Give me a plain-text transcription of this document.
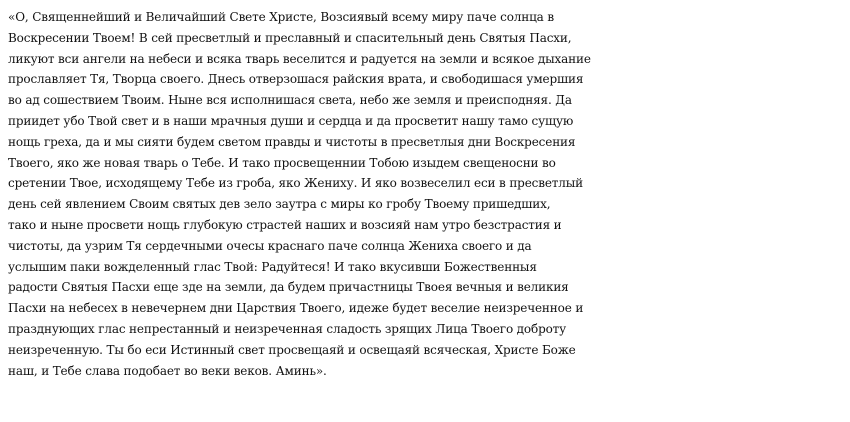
«О, Священнейший и Величайший Свете Христе, Возсиявый всему миру паче солнца в
Воскресении Твоем! В сей пресветлый и преславный и спасительный день Святыя Пасхи,
ликуют вси ангели на небеси и всяка тварь веселится и радуется на земли и всякое дыхание
прославляет Тя, Творца своего. Днесь отверзошася райския врата, и свободишася умершия
во ад сошествием Твоим. Ныне вся исполнишася света, небо же земля и преисподняя. Да
приидет убо Твой свет и в наши мрачныя души и сердца и да просветит нашу тамо сущую
нощь греха, да и мы сияти будем светом правды и чистоты в пресветлыя дни Воскресения
Твоего, яко же новая тварь о Тебе. И тако просвещеннии Тобою изыдем свещеносни во
сретении Твое, исходящему Тебе из гроба, яко Жениху. И яко возвеселил еси в пресветлый
день сей явлением Своим святых дев зело заутра с миры ко гробу Твоему пришедших,
тако и ныне просвети нощь глубокую страстей наших и возсияй нам утро безстрастия и
чистоты, да узрим Тя сердечными очесы краснаго паче солнца Жениха своего и да
услышим паки вожделенный глас Твой: Радуйтеся! И тако вкусивши Божественныя
радости Святыя Пасхи еще зде на земли, да будем причастницы Твоея вечныя и великия
Пасхи на небесех в невечернем дни Царствия Твоего, идеже будет веселие неизреченное и
празднующих глас непрестанный и неизреченная сладость зрящих Лица Твоего доброту
неизреченную. Ты бо еси Истинный свет просвещаяй и освещаяй всяческая, Христе Боже
наш, и Тебе слава подобает во веки веков. Аминь».
